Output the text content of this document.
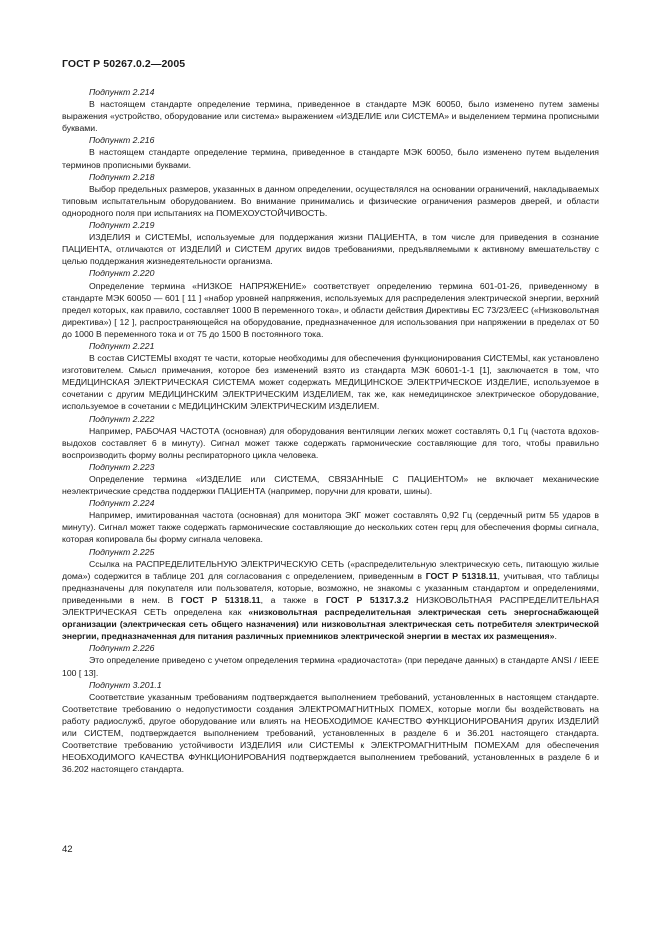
ГОСТ Р 50267.0.2—2005
Подпункт 2.214

В настоящем стандарте определение термина, приведенное в стандарте МЭК 60050, было изменено путем замены выражения «устройство, оборудование или система» выражением «ИЗДЕЛИЕ или СИСТЕМА» и выделением термина прописными буквами.

Подпункт 2.216

В настоящем стандарте определение термина, приведенное в стандарте МЭК 60050, было изменено путем выделения терминов прописными буквами.

Подпункт 2.218

Выбор предельных размеров, указанных в данном определении, осуществлялся на основании ограничений, накладываемых типовым испытательным оборудованием. Во внимание принимались и физические ограничения размеров дверей, и области однородного поля при испытаниях на ПОМЕХОУСТОЙЧИВОСТЬ.

Подпункт 2.219

ИЗДЕЛИЯ и СИСТЕМЫ, используемые для поддержания жизни ПАЦИЕНТА, в том числе для приведения в сознание ПАЦИЕНТА, отличаются от ИЗДЕЛИЙ и СИСТЕМ других видов требованиями, предъявляемыми к активному вмешательству с целью поддержания жизнедеятельности организма.

Подпункт 2.220

Определение термина «НИЗКОЕ НАПРЯЖЕНИЕ» соответствует определению термина 601-01-26, приведенному в стандарте МЭК 60050 — 601 [ 11 ] «набор уровней напряжения, используемых для распределения электрической энергии, верхний предел которых, как правило, составляет 1000 В переменного тока», и области действия Директивы ЕС 73/23/ЕЕС («Низковольтная директива») [ 12 ], распространяющейся на оборудование, предназначенное для использования при напряжении в пределах от 50 до 1000 В переменного тока и от 75 до 1500 В постоянного тока.

Подпункт 2.221

В состав СИСТЕМЫ входят те части, которые необходимы для обеспечения функционирования СИСТЕМЫ, как установлено изготовителем. Смысл примечания, которое без изменений взято из стандарта МЭК 60601-1-1 [1], заключается в том, что МЕДИЦИНСКАЯ ЭЛЕКТРИЧЕСКАЯ СИСТЕМА может содержать МЕДИЦИНСКОЕ ЭЛЕКТРИЧЕСКОЕ ИЗДЕЛИЕ, используемое в сочетании с другим МЕДИЦИНСКИМ ЭЛЕКТРИЧЕСКИМ ИЗДЕЛИЕМ, так же, как немедицинское электрическое оборудование, используемое в сочетании с МЕДИЦИНСКИМ ЭЛЕКТРИЧЕСКИМ ИЗДЕЛИЕМ.

Подпункт 2.222

Например, РАБОЧАЯ ЧАСТОТА (основная) для оборудования вентиляции легких может составлять 0,1 Гц (частота вдохов-выдохов составляет 6 в минуту). Сигнал может также содержать гармонические составляющие для того, чтобы правильно воспроизводить форму волны респираторного цикла человека.

Подпункт 2.223

Определение термина «ИЗДЕЛИЕ или СИСТЕМА, СВЯЗАННЫЕ С ПАЦИЕНТОМ» не включает механические неэлектрические средства поддержки ПАЦИЕНТА (например, поручни для кровати, шины).

Подпункт 2.224

Например, имитированная частота (основная) для монитора ЭКГ может составлять 0,92 Гц (сердечный ритм 55 ударов в минуту). Сигнал может также содержать гармонические составляющие до нескольких сотен герц для обеспечения формы сигнала, которая копировала бы форму сигнала человека.

Подпункт 2.225

Ссылка на РАСПРЕДЕЛИТЕЛЬНУЮ ЭЛЕКТРИЧЕСКУЮ СЕТЬ («распределительную электрическую сеть, питающую жилые дома») содержится в таблице 201 для согласования с определением, приведенным в ГОСТ Р 51318.11, учитывая, что таблицы предназначены для покупателя или пользователя, которые, возможно, не знакомы с указанным стандартом и определениями, приведенными в нем. В ГОСТ Р 51318.11, а также в ГОСТ Р 51317.3.2 НИЗКОВОЛЬТНАЯ РАСПРЕДЕЛИТЕЛЬНАЯ ЭЛЕКТРИЧЕСКАЯ СЕТЬ определена как «низковольтная распределительная электрическая сеть энергоснабжающей организации (электрическая сеть общего назначения) или низковольтная электрическая сеть потребителя электрической энергии, предназначенная для питания различных приемников электрической энергии в местах их размещения».

Подпункт 2.226

Это определение приведено с учетом определения термина «радиочастота» (при передаче данных) в стандарте ANSI / IEEE 100 [ 13].

Подпункт 3.201.1

Соответствие указанным требованиям подтверждается выполнением требований, установленных в настоящем стандарте. Соответствие требованию о недопустимости создания ЭЛЕКТРОМАГНИТНЫХ ПОМЕХ, которые могли бы воздействовать на работу радиослужб, другое оборудование или влиять на НЕОБХОДИМОЕ КАЧЕСТВО ФУНКЦИОНИРОВАНИЯ других ИЗДЕЛИЙ или СИСТЕМ, подтверждается выполнением требований, установленных в разделе 6 и 36.201 настоящего стандарта. Соответствие требованию устойчивости ИЗДЕЛИЯ или СИСТЕМЫ к ЭЛЕКТРОМАГНИТНЫМ ПОМЕХАМ для обеспечения НЕОБХОДИМОГО КАЧЕСТВА ФУНКЦИОНИРОВАНИЯ подтверждается выполнением требований, установленных в разделе 6 и 36.202 настоящего стандарта.

42
